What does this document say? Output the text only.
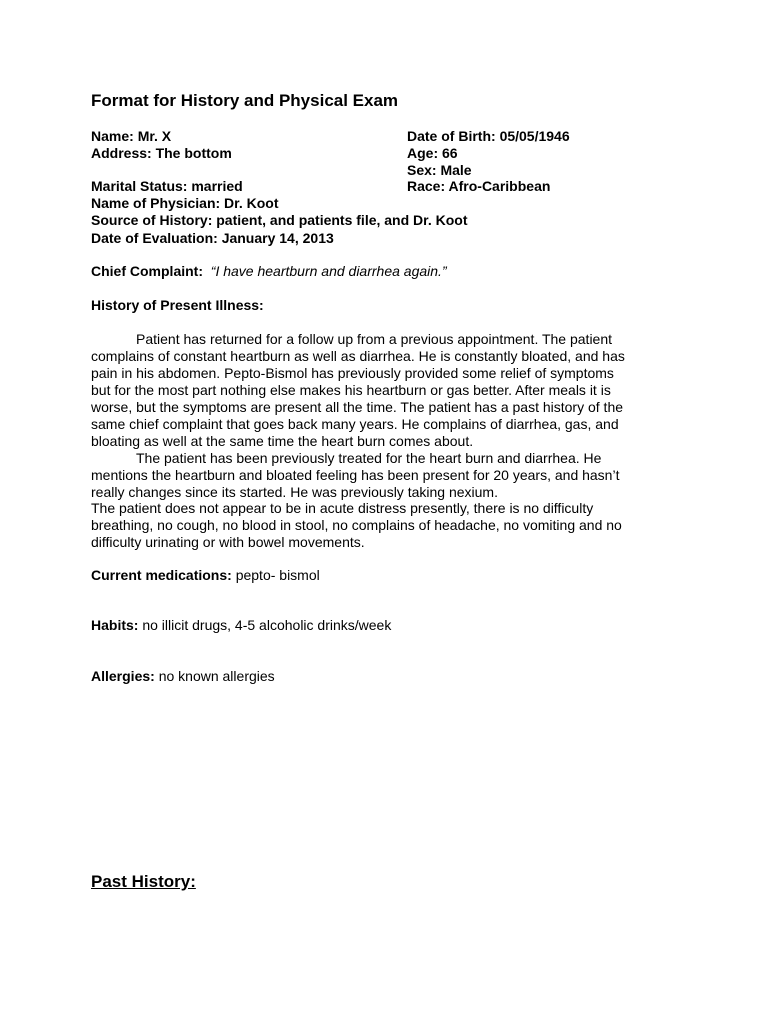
Format for History and Physical Exam
Name: Mr. X
Address: The bottom
Marital Status: married
Name of Physician: Dr. Koot
Source of History: patient, and patients file, and Dr. Koot
Date of Evaluation: January 14, 2013
Date of Birth: 05/05/1946
Age: 66
Sex: Male
Race: Afro-Caribbean
Chief Complaint: “I have heartburn and diarrhea again.”
History of Present Illness:
Patient has returned for a follow up from a previous appointment. The patient
complains of constant heartburn as well as diarrhea. He is constantly bloated, and has
pain in his abdomen. Pepto-Bismol has previously provided some relief of symptoms
but for the most part nothing else makes his heartburn or gas better. After meals it is
worse, but the symptoms are present all the time. The patient has a past history of the
same chief complaint that goes back many years. He complains of diarrhea, gas, and
bloating as well at the same time the heart burn comes about.
The patient has been previously treated for the heart burn and diarrhea. He
mentions the heartburn and bloated feeling has been present for 20 years, and hasn’t
really changes since its started. He was previously taking nexium.
The patient does not appear to be in acute distress presently, there is no difficulty
breathing, no cough, no blood in stool, no complains of headache, no vomiting and no
difficulty urinating or with bowel movements.
Current medications: pepto- bismol
Habits: no illicit drugs, 4-5 alcoholic drinks/week
Allergies: no known allergies
Past History:
